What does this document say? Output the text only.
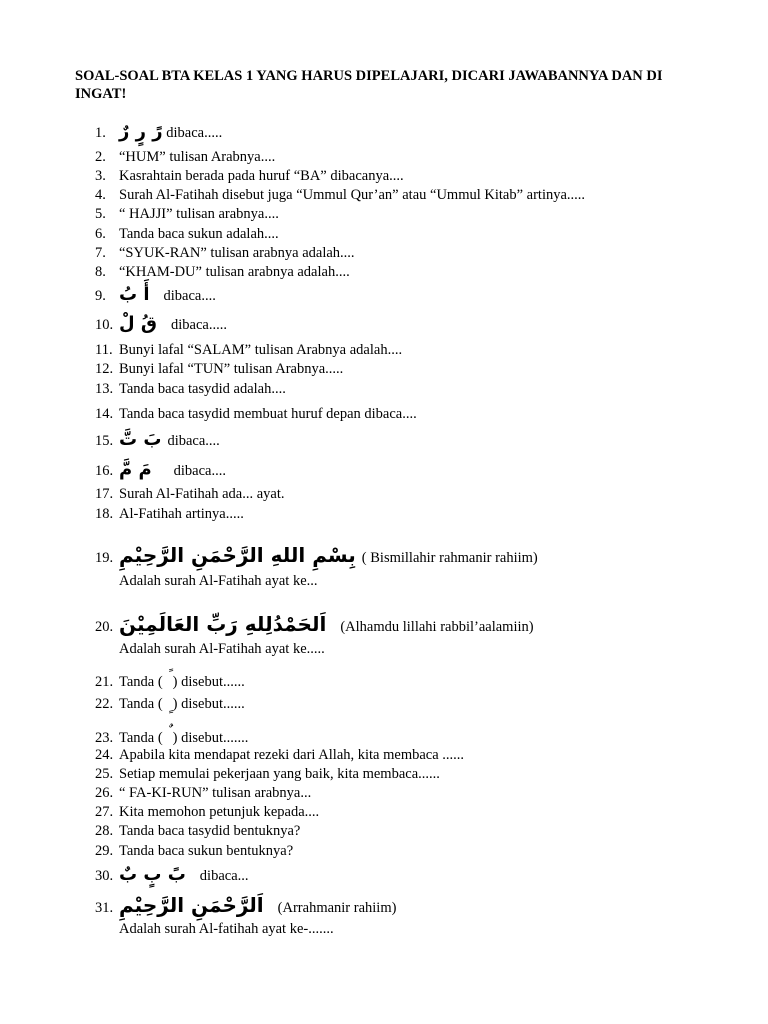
SOAL-SOAL BTA KELAS 1 YANG HARUS DIPELAJARI, DICARI JAWABANNYA DAN DI INGAT!
1. رً رٍ رٌ dibaca.....
2. “HUM” tulisan Arabnya....
3. Kasrahtain berada pada huruf “BA” dibacanya....
4. Surah Al-Fatihah disebut juga “Ummul Qur’an” atau “Ummul Kitab” artinya.....
5. “ HAJJI” tulisan arabnya....
6. Tanda baca sukun adalah....
7. “SYUK-RAN” tulisan arabnya adalah....
8. “KHAM-DU” tulisan arabnya adalah....
9. أَ بُ dibaca....
10. قُ لْ dibaca.....
11. Bunyi lafal “SALAM” tulisan Arabnya adalah....
12. Bunyi lafal “TUN” tulisan Arabnya.....
13. Tanda baca tasydid adalah....
14. Tanda baca tasydid membuat huruf depan dibaca....
15. بَ تَّ dibaca....
16. مَ مَّ dibaca....
17. Surah Al-Fatihah ada... ayat.
18. Al-Fatihah artinya.....
19. بِسْمِ اللهِ الرَّحْمَنِ الرَّحِيْمِ ( Bismillahir rahmanir rahiim)
Adalah surah Al-Fatihah ayat ke...
20. اَلحَمْدُلِلهِ رَبِّ العَالَمِيْنَ (Alhamdu lillahi rabbil’aalamiin)
Adalah surah Al-Fatihah ayat ke.....
21. Tanda ( ) disebut......
22. Tanda ( ) disebut......
23. Tanda ( ) disebut.......
24. Apabila kita mendapat rezeki dari Allah, kita membaca ......
25. Setiap memulai pekerjaan yang baik, kita membaca......
26. “ FA-KI-RUN” tulisan arabnya...
27. Kita memohon petunjuk kepada....
28. Tanda baca tasydid bentuknya?
29. Tanda baca sukun bentuknya?
30. بً بٍ بٌ dibaca...
31. اَلرَّحْمَنِ الرَّحِيْمِ (Arrahmanir rahiim)
Adalah surah Al-fatihah ayat ke-.......
